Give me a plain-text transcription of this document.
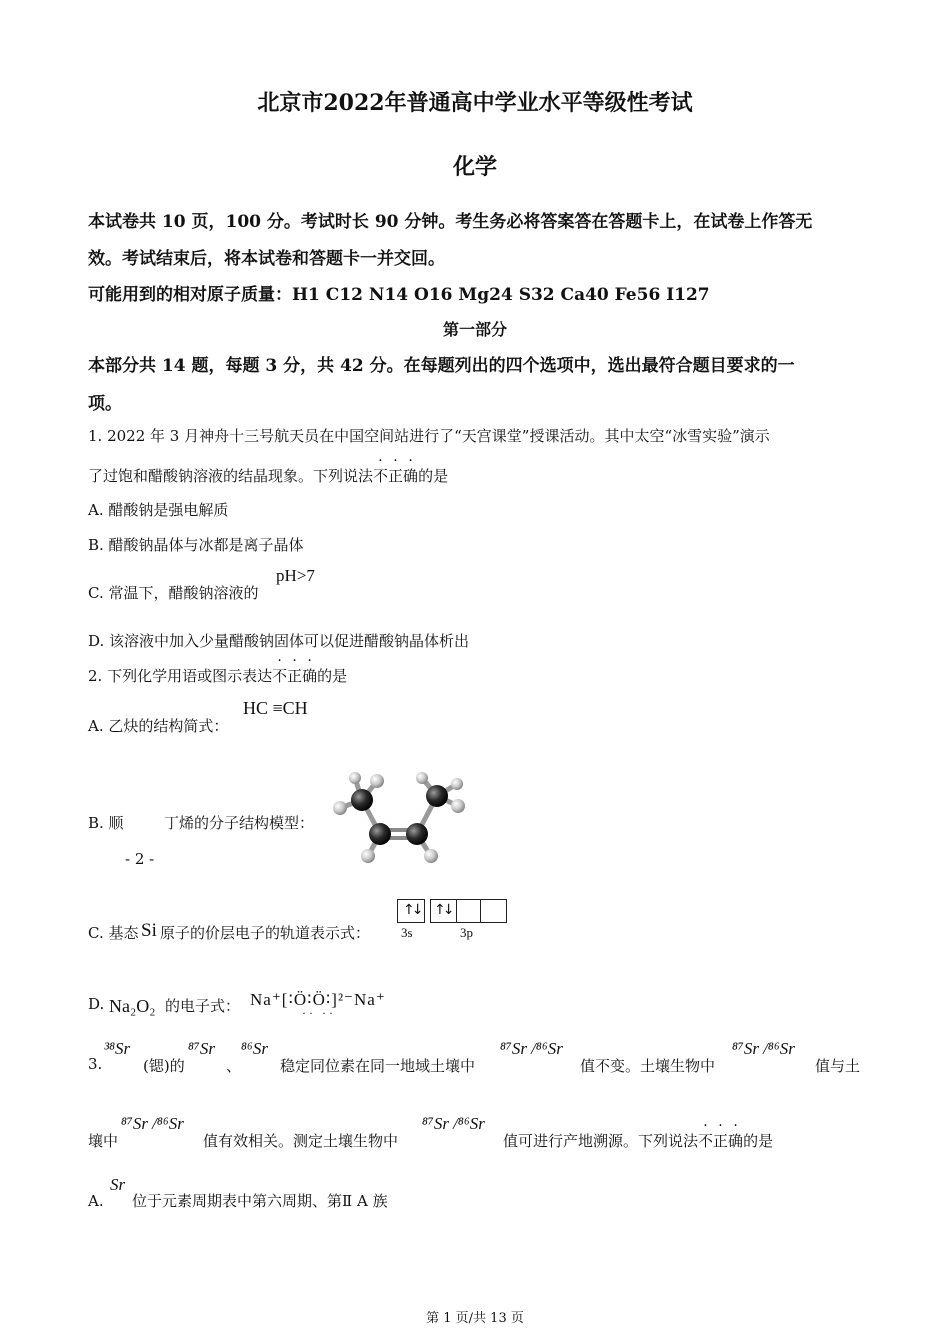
北京市2022年普通高中学业水平等级性考试
化学
本试卷共 10 页，100 分。考试时长 90 分钟。考生务必将答案答在答题卡上，在试卷上作答无
效。考试结束后，将本试卷和答题卡一并交回。
可能用到的相对原子质量：H1 C12 N14 O16 Mg24 S32 Ca40 Fe56 I127
第一部分
本部分共 14 题，每题 3 分，共 42 分。在每题列出的四个选项中，选出最符合题目要求的一
项。
1. 2022 年 3 月神舟十三号航天员在中国空间站进行了“天宫课堂”授课活动。其中太空“冰雪实验”演示
了过饱和醋酸钠溶液的结晶现象。下列说法不正确的是
A. 醋酸钠是强电解质
B. 醋酸钠晶体与冰都是离子晶体
C. 常温下，醋酸钠溶液的
pH>7
D. 该溶液中加入少量醋酸钠固体可以促进醋酸钠晶体析出
2. 下列化学用语或图示表达不正确的是
A. 乙炔的结构简式：
HC ≡CH
B. 顺	丁烯的分子结构模型：
- 2 -
C. 基态 Si 原子的价层电子的轨道表示式：
↑↓ ↑↓
3s	3p
D. Na₂O₂ 的电子式： Na⁺[∶Ö∶Ö∶]²⁻Na⁺
·· ··
3.
³⁸Sr
(锶)的
⁸⁷Sr
、
⁸⁶Sr
稳定同位素在同一地域土壤中
⁸⁷Sr /⁸⁶Sr
值不变。土壤生物中
⁸⁷Sr /⁸⁶Sr
值与土
壤中
⁸⁷Sr /⁸⁶Sr
值有效相关。测定土壤生物中
⁸⁷Sr /⁸⁶Sr
值可进行产地溯源。下列说法不正确的是
A.
Sr
位于元素周期表中第六周期、第Ⅱ A 族
第 1 页/共 13 页
